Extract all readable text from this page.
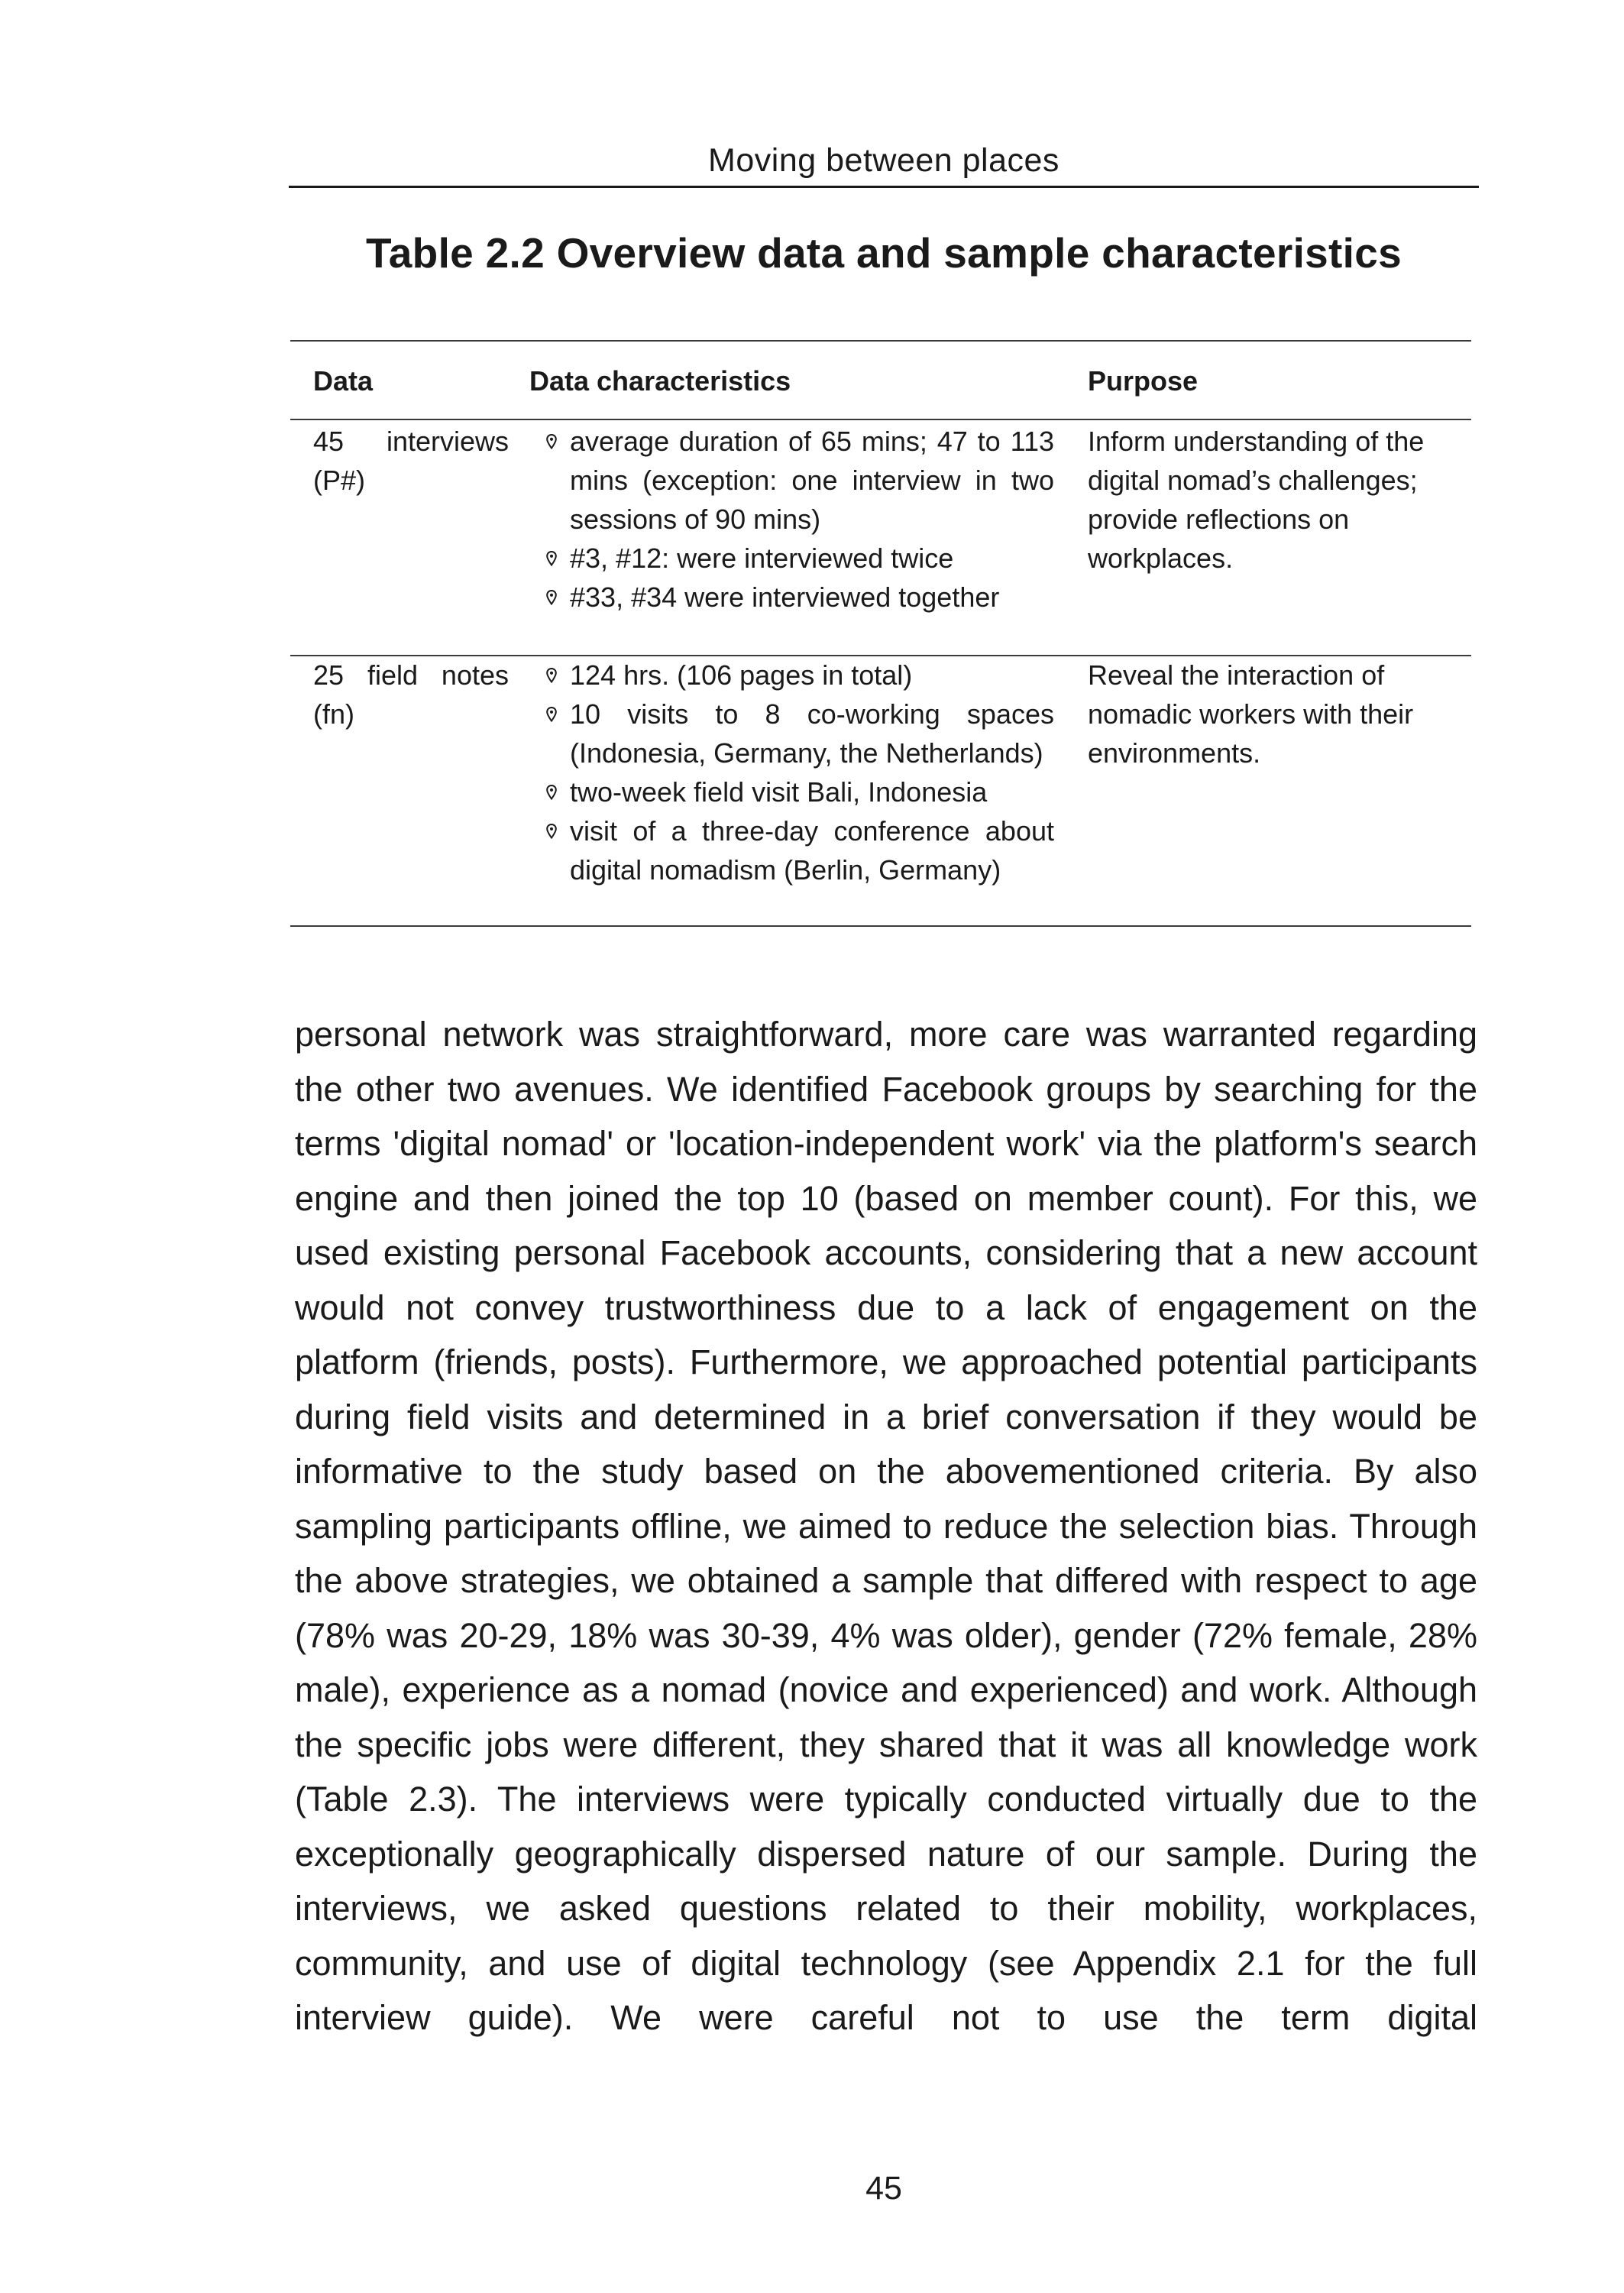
Moving between places
Table 2.2 Overview data and sample characteristics
Data	Data characteristics	Purpose
45 interviews (P#)
average duration of 65 mins; 47 to 113 mins (exception: one interview in two sessions of 90 mins)
#3, #12: were interviewed twice
#33, #34 were interviewed together
Inform understanding of the digital nomad’s challenges; provide reflections on workplaces.
25 field notes (fn)
124 hrs. (106 pages in total)
10 visits to 8 co-working spaces (Indonesia, Germany, the Netherlands)
two-week field visit Bali, Indonesia
visit of a three-day conference about digital nomadism (Berlin, Germany)
Reveal the interaction of nomadic workers with their environments.

personal network was straightforward, more care was warranted regarding the other two avenues. We identified Facebook groups by searching for the terms 'digital nomad' or 'location-independent work' via the platform's search engine and then joined the top 10 (based on member count). For this, we used existing personal Facebook accounts, considering that a new account would not convey trustworthiness due to a lack of engagement on the platform (friends, posts). Furthermore, we approached potential participants during field visits and determined in a brief conversation if they would be informative to the study based on the abovementioned criteria. By also sampling participants offline, we aimed to reduce the selection bias. Through the above strategies, we obtained a sample that differed with respect to age (78% was 20-29, 18% was 30-39, 4% was older), gender (72% female, 28% male), experience as a nomad (novice and experienced) and work. Although the specific jobs were different, they shared that it was all knowledge work (Table 2.3). The interviews were typically conducted virtually due to the exceptionally geographically dispersed nature of our sample. During the interviews, we asked questions related to their mobility, workplaces, community, and use of digital technology (see Appendix 2.1 for the full interview guide). We were careful not to use the term digital

45
